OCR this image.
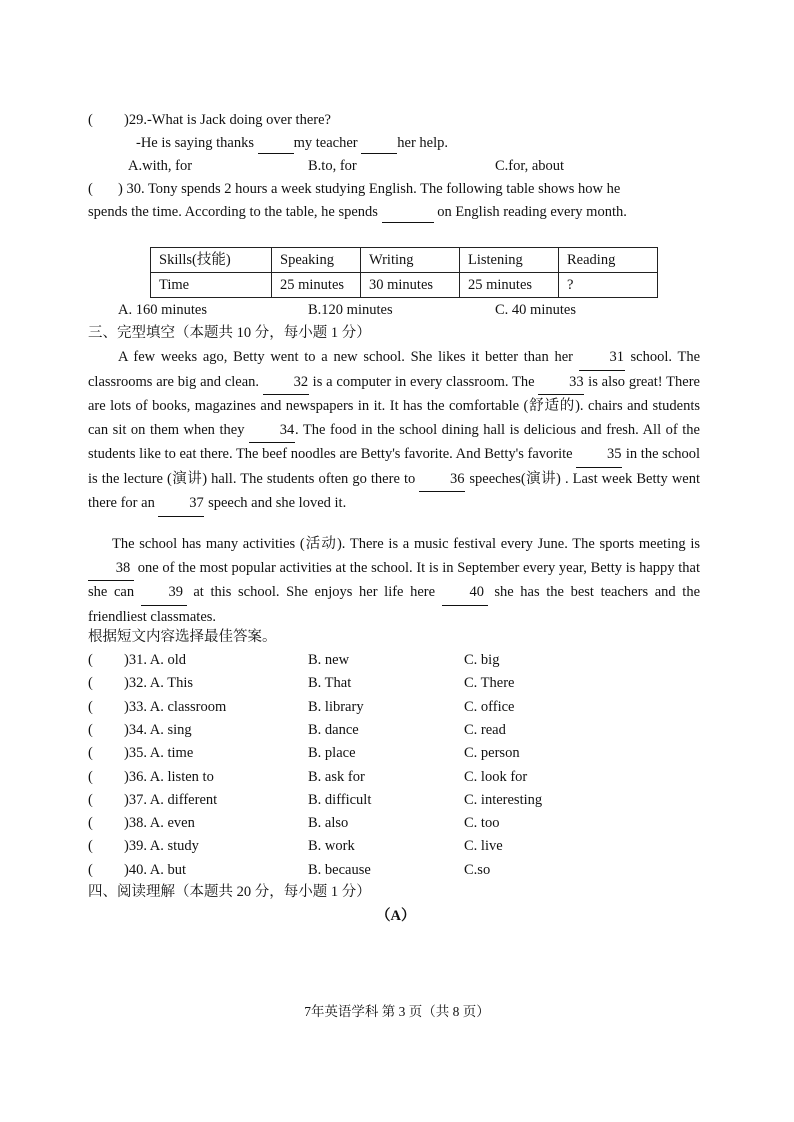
( )29.-What is Jack doing over there?
-He is saying thanks  my teacher  her help.
A.with, for	B.to, for	C.for, about
( ) 30. Tony spends 2 hours a week studying English. The following table shows how he
spends the time. According to the table, he spends	on English reading every month.
Skills(技能)	Speaking	Writing	Listening	Reading
Time	25 minutes	30 minutes	25 minutes	?
A. 160 minutes	B.120 minutes	C. 40 minutes
三、完型填空（本题共 10 分，每小题 1 分）
A few weeks ago, Betty went to a new school. She likes it better than her 31 school. The classrooms are big and clean. 32 is a computer in every classroom. The 33 is also great! There are lots of books, magazines and newspapers in it. It has the comfortable (舒适的). chairs and students can sit on them when they 34. The food in the school dining hall is delicious and fresh. All of the students like to eat there. The beef noodles are Betty's favorite. And Betty's favorite 35 in the school is the lecture (演讲) hall. The students often go there to 36 speeches(演讲) . Last week Betty went there for an 37 speech and she loved it.
The school has many activities (活动). There is a music festival every June. The sports meeting is 38 one of the most popular activities at the school. It is in September every year, Betty is happy that she can 39 at this school. She enjoys her life here 40 she has the best teachers and the friendliest classmates.
根据短文内容选择最佳答案。
( )31. A. old	B. new	C. big
( )32. A. This	B. That	C. There
( )33. A. classroom	B. library	C. office
( )34. A. sing	B. dance	C. read
( )35. A. time	B. place	C. person
( )36. A. listen to	B. ask for	C. look for
( )37. A. different	B. difficult	C. interesting
( )38. A. even	B. also	C. too
( )39. A. study	B. work	C. live
( )40. A. but	B. because	C.so
四、阅读理解（本题共 20 分，每小题 1 分）
（A）
7年英语学科 第 3 页（共 8 页）
